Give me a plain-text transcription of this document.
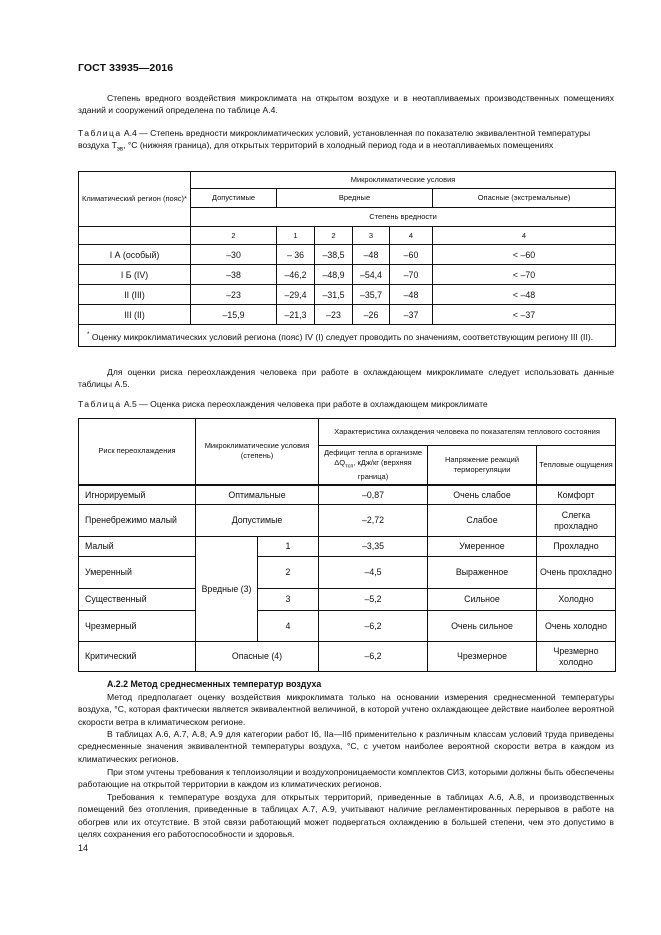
ГОСТ 33935—2016

Степень вредного воздействия микроклимата на открытом воздухе и в неотапливаемых производственных помещениях зданий и сооружений определена по таблице А.4.

Таблица А.4 — Степень вредности микроклиматических условий, установленная по показателю эквивалентной температуры воздуха $T_{эв}$, °С (нижняя граница), для открытых территорий в холодный период года и в неотапливаемых помещениях

Климатический регион (пояс)*	Микроклиматические условия					
	Допустимые	Вредные				Опасные (экстремальные)
	Степень вредности					
	2	1	2	3	4	4
I А (особый)	–30	– 36	–38,5	–48	–60	< –60
I Б (IV)	–38	–46,2	–48,9	–54,4	–70	< –70
II (III)	–23	–29,4	–31,5	–35,7	–48	< –48
III (II)	–15,9	–21,3	–23	–26	–37	< –37
* Оценку микроклиматических условий региона (пояс) IV (I) следует проводить по значениям, соответствующим региону III (II).						

Для оценки риска переохлаждения человека при работе в охлаждающем микроклимате следует использовать данные таблицы А.5.

Таблица А.5 — Оценка риска переохлаждения человека при работе в охлаждающем микроклимате

Риск переохлаждения	Микроклиматические условия (степень)		Характеристика охлаждения человека по показателям теплового состояния		
			Дефицит тепла в организме $\Delta Q_{тсп}$, кДж/кг (верхняя граница)	Напряжение реакций терморегуляции	Тепловые ощущения
Игнорируемый	Оптимальные		–0,87	Очень слабое	Комфорт
Пренебрежимо малый	Допустимые		–2,72	Слабое	Слегка прохладно
Малый	Вредные (3)	1	–3,35	Умеренное	Прохладно
Умеренный		2	–4,5	Выраженное	Очень прохладно
Существенный		3	–5,2	Сильное	Холодно
Чрезмерный		4	–6,2	Очень сильное	Очень холодно
Критический	Опасные (4)		–6,2	Чрезмерное	Чрезмерно холодно
А.2.2 Метод среднесменных температур воздуха

Метод предполагает оценку воздействия микроклимата только на основании измерения среднесменной температуры воздуха, °С, которая фактически является эквивалентной величиной, в которой учтено охлаждающее действие наиболее вероятной скорости ветра в климатическом регионе.

В таблицах А.6, А.7, А.8, А.9 для категории работ Iб, IIа—IIб применительно к различным классам условий труда приведены среднесменные значения эквивалентной температуры воздуха, °С, с учетом наиболее вероятной скорости ветра в каждом из климатических регионов.

При этом учтены требования к теплоизоляции и воздухопроницаемости комплектов СИЗ, которыми должны быть обеспечены работающие на открытой территории в каждом из климатических регионов.

Требования к температуре воздуха для открытых территорий, приведенные в таблицах А.6, А.8, и производственных помещений без отопления, приведенные в таблицах А.7, А.9, учитывают наличие регламентированных перерывов в работе на обогрев или их отсутствие. В этой связи работающий может подвергаться охлаждению в большей степени, чем это допустимо в целях сохранения его работоспособности и здоровья.

14
